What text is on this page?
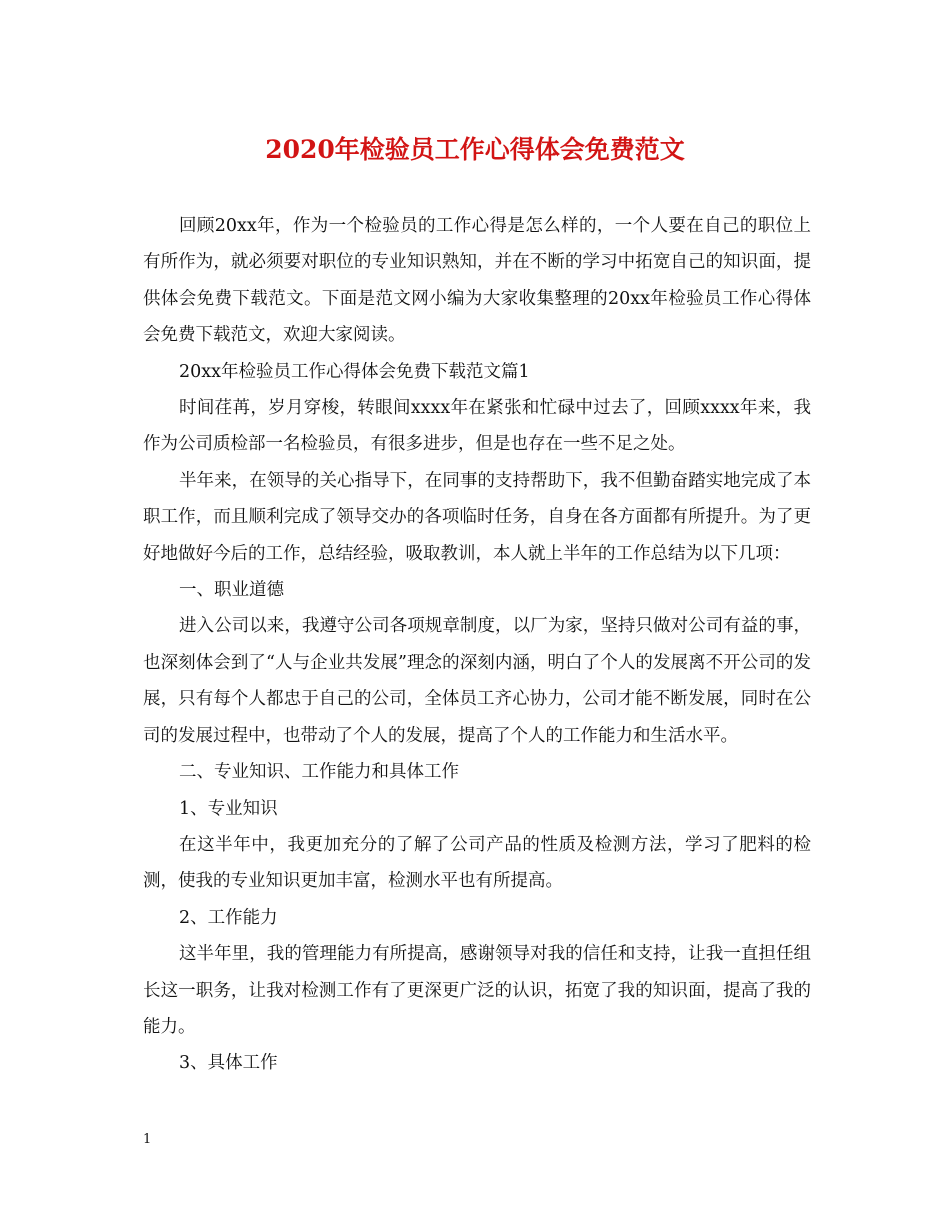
2020年检验员工作心得体会免费范文

回顾20xx年，作为一个检验员的工作心得是怎么样的，一个人要在自己的职位上有所作为，就必须要对职位的专业知识熟知，并在不断的学习中拓宽自己的知识面，提供体会免费下载范文。下面是范文网小编为大家收集整理的20xx年检验员工作心得体会免费下载范文，欢迎大家阅读。

20xx年检验员工作心得体会免费下载范文篇1

时间荏苒，岁月穿梭，转眼间xxxx年在紧张和忙碌中过去了，回顾xxxx年来，我作为公司质检部一名检验员，有很多进步，但是也存在一些不足之处。

半年来，在领导的关心指导下，在同事的支持帮助下，我不但勤奋踏实地完成了本职工作，而且顺利完成了领导交办的各项临时任务，自身在各方面都有所提升。为了更好地做好今后的工作，总结经验，吸取教训，本人就上半年的工作总结为以下几项：

一、职业道德

进入公司以来，我遵守公司各项规章制度，以厂为家，坚持只做对公司有益的事，也深刻体会到了“人与企业共发展”理念的深刻内涵，明白了个人的发展离不开公司的发展，只有每个人都忠于自己的公司，全体员工齐心协力，公司才能不断发展，同时在公司的发展过程中，也带动了个人的发展，提高了个人的工作能力和生活水平。

二、专业知识、工作能力和具体工作

1、专业知识

在这半年中，我更加充分的了解了公司产品的性质及检测方法，学习了肥料的检测，使我的专业知识更加丰富，检测水平也有所提高。

2、工作能力

这半年里，我的管理能力有所提高，感谢领导对我的信任和支持，让我一直担任组长这一职务，让我对检测工作有了更深更广泛的认识，拓宽了我的知识面，提高了我的能力。

3、具体工作

1
